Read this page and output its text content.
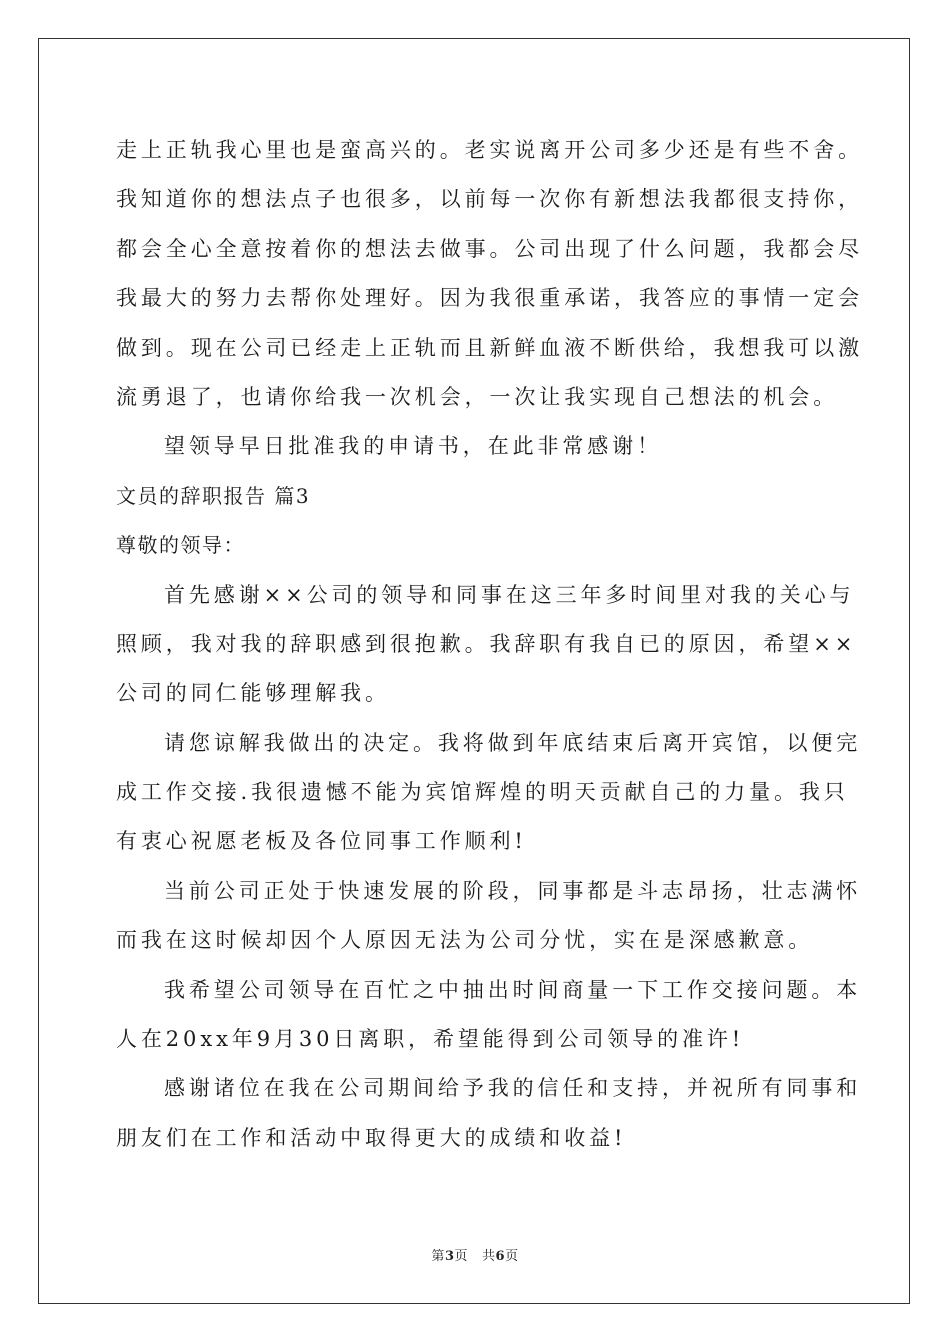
走上正轨我心里也是蛮高兴的。老实说离开公司多少还是有些不舍。
我知道你的想法点子也很多，以前每一次你有新想法我都很支持你，
都会全心全意按着你的想法去做事。公司出现了什么问题，我都会尽
我最大的努力去帮你处理好。因为我很重承诺，我答应的事情一定会
做到。现在公司已经走上正轨而且新鲜血液不断供给，我想我可以激
流勇退了，也请你给我一次机会，一次让我实现自己想法的机会。
望领导早日批准我的申请书，在此非常感谢！
文员的辞职报告 篇3
尊敬的领导：
首先感谢××公司的领导和同事在这三年多时间里对我的关心与
照顾，我对我的辞职感到很抱歉。我辞职有我自已的原因，希望××
公司的同仁能够理解我。
请您谅解我做出的决定。我将做到年底结束后离开宾馆，以便完
成工作交接.我很遗憾不能为宾馆辉煌的明天贡献自己的力量。我只
有衷心祝愿老板及各位同事工作顺利!
当前公司正处于快速发展的阶段，同事都是斗志昂扬，壮志满怀
而我在这时候却因个人原因无法为公司分忧，实在是深感歉意。
我希望公司领导在百忙之中抽出时间商量一下工作交接问题。本
人在20xx年9月30日离职，希望能得到公司领导的准许!
感谢诸位在我在公司期间给予我的信任和支持，并祝所有同事和
朋友们在工作和活动中取得更大的成绩和收益!
第3页 共6页
